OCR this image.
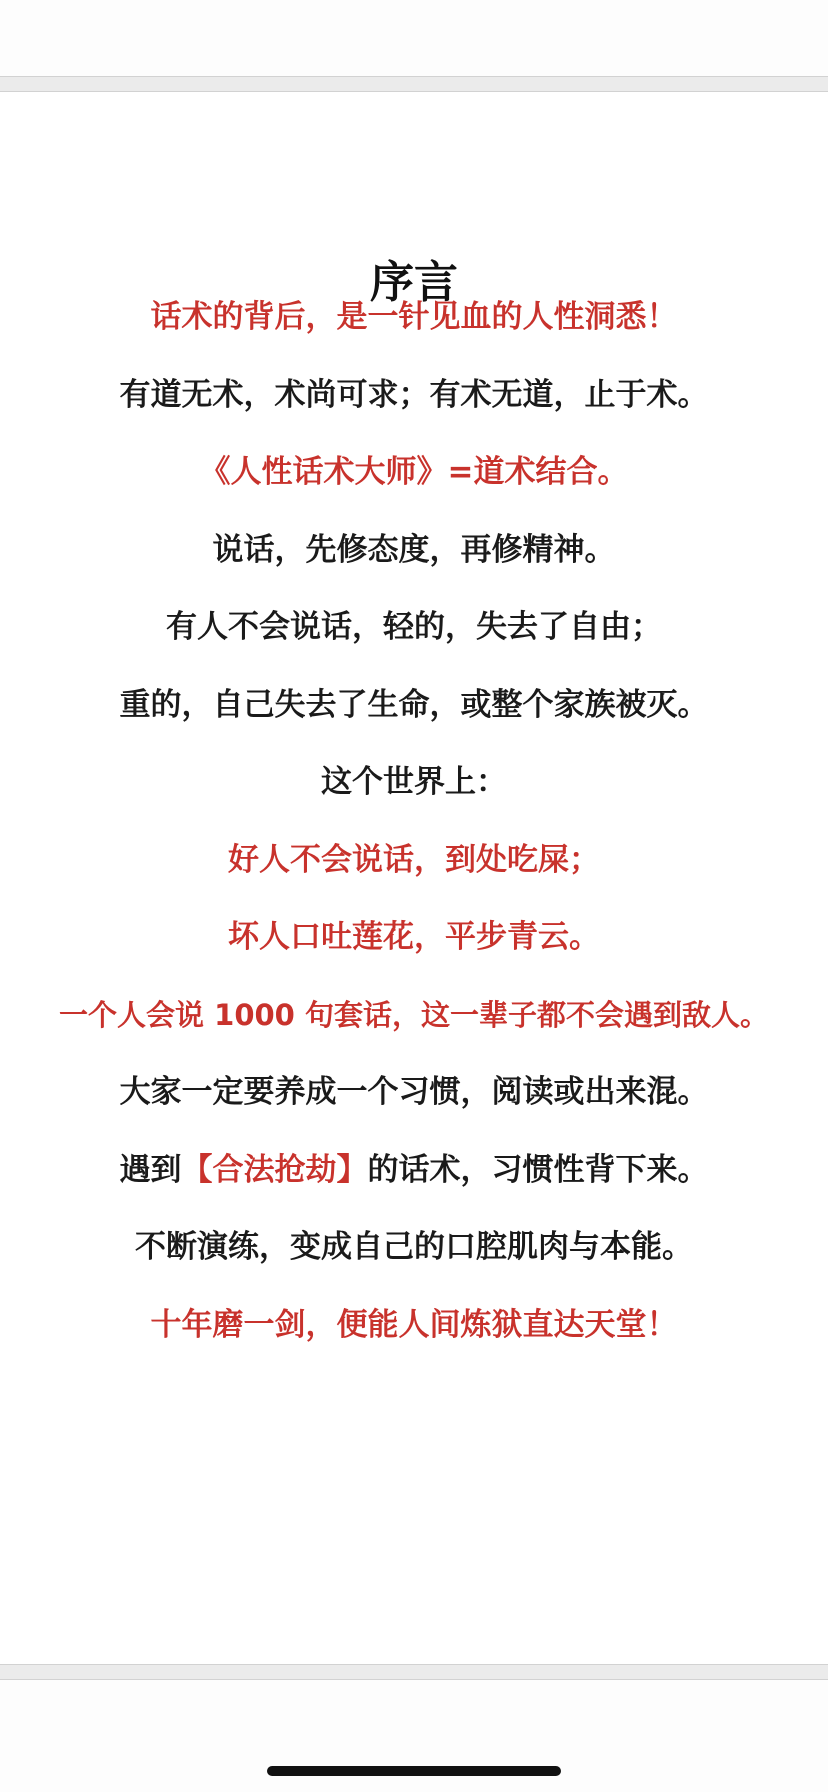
序言
话术的背后，是一针见血的人性洞悉！
有道无术，术尚可求；有术无道，止于术。
《人性话术大师》=道术结合。
说话，先修态度，再修精神。
有人不会说话，轻的，失去了自由；
重的，自己失去了生命，或整个家族被灭。
这个世界上：
好人不会说话，到处吃屎；
坏人口吐莲花，平步青云。
一个人会说 1000 句套话，这一辈子都不会遇到敌人。
大家一定要养成一个习惯，阅读或出来混。
遇到【合法抢劫】的话术，习惯性背下来。
不断演练，变成自己的口腔肌肉与本能。
十年磨一剑，便能人间炼狱直达天堂！
